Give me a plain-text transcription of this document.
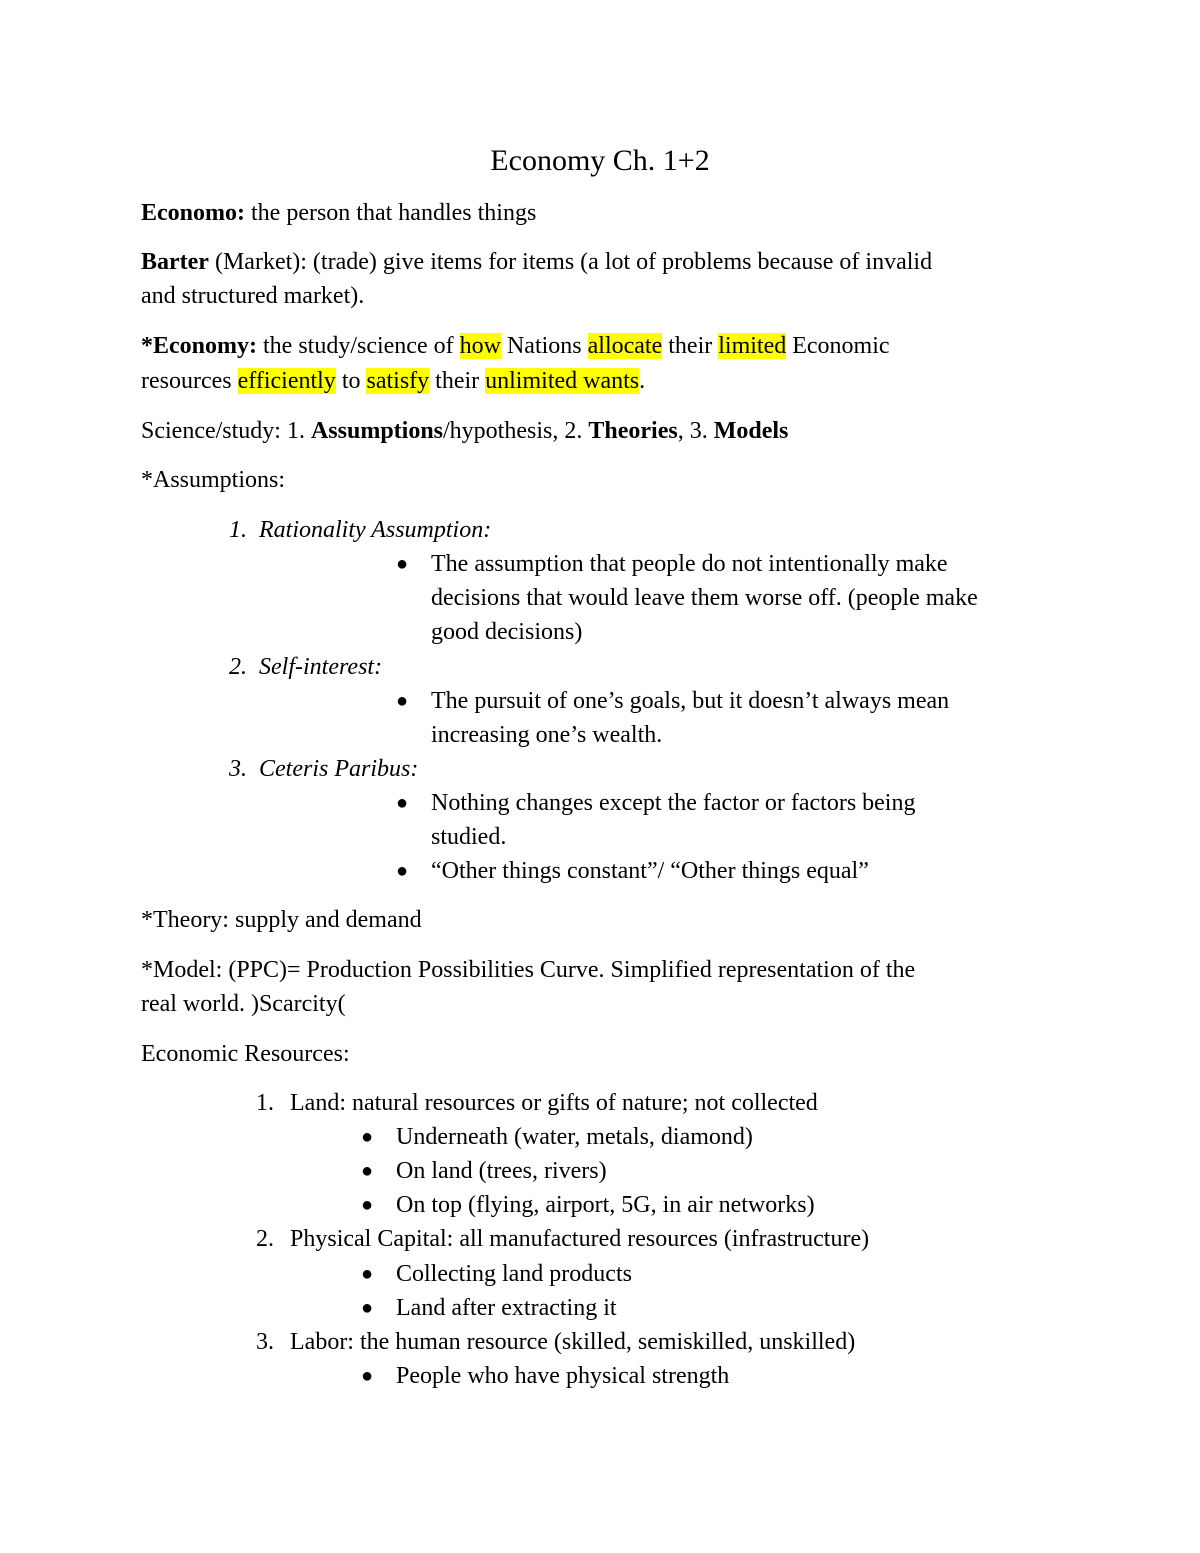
Economy Ch. 1+2
Economo: the person that handles things
Barter (Market): (trade) give items for items (a lot of problems because of invalid
and structured market).
*Economy: the study/science of how Nations allocate their limited Economic
resources efficiently to satisfy their unlimited wants.
Science/study: 1. Assumptions/hypothesis, 2. Theories, 3. Models
*Assumptions:
1. Rationality Assumption:
● The assumption that people do not intentionally make
decisions that would leave them worse off. (people make
good decisions)
2. Self-interest:
● The pursuit of one’s goals, but it doesn’t always mean
increasing one’s wealth.
3. Ceteris Paribus:
● Nothing changes except the factor or factors being
studied.
● “Other things constant”/ “Other things equal”
*Theory: supply and demand
*Model: (PPC)= Production Possibilities Curve. Simplified representation of the
real world. )Scarcity(
Economic Resources:
1. Land: natural resources or gifts of nature; not collected
● Underneath (water, metals, diamond)
● On land (trees, rivers)
● On top (flying, airport, 5G, in air networks)
2. Physical Capital: all manufactured resources (infrastructure)
● Collecting land products
● Land after extracting it
3. Labor: the human resource (skilled, semiskilled, unskilled)
● People who have physical strength
